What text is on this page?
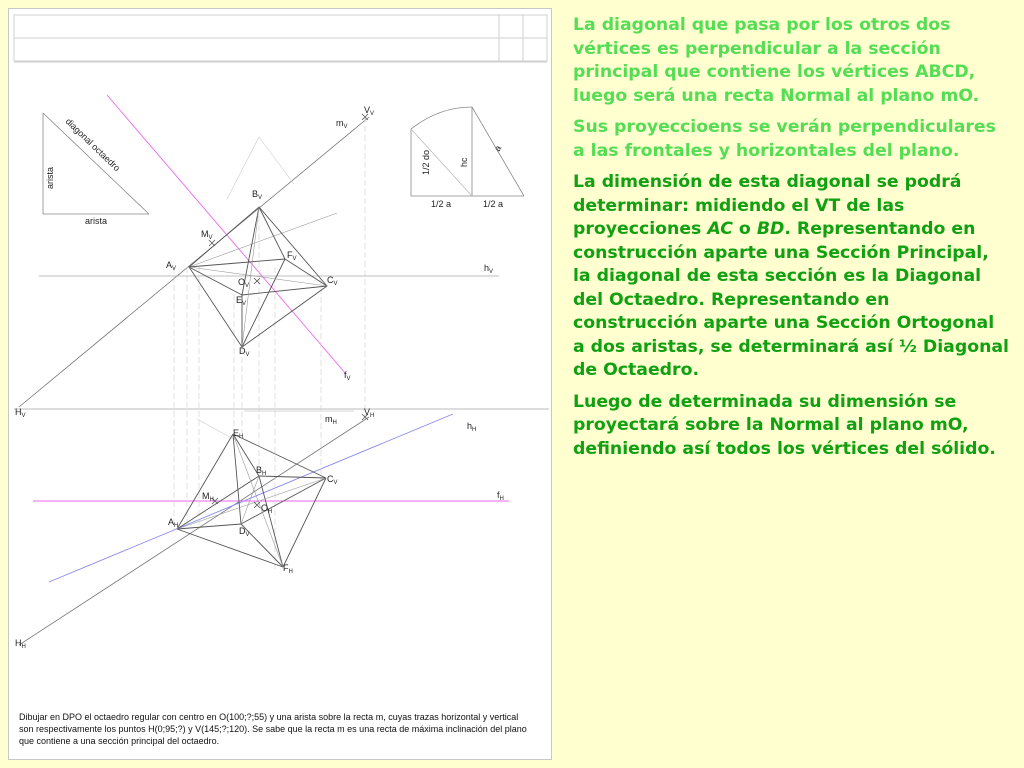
arista
arista
diagonal octaedro	1/2 do	hc
a
1/2 a	1/2 a
$V_V$
$m_V$
$B_V$
$M_V$
$F_V$
$A_V$
$O_V$
$C_V$
$E_V$
$D_V$
$f_V$
$h_V$
$H_V$	$V_H$
$m_H$	$h_H$
$E_H$
$B_H$	$C_V$
$f_H$
$M_H$
$O_H$
$A_H$	$D_V$
$F_H$
$H_H$
Dibujar en DPO el octaedro regular con centro en O(100;?;55) y una arista sobre la recta m, cuyas trazas horizontal y vertical son respectivamente los puntos H(0;95;?) y V(145;?;120). Se sabe que la recta m es una recta de máxima inclinación del plano que contiene a una sección principal del octaedro.

La diagonal que pasa por los otros dos vértices es perpendicular a la sección principal que contiene los vértices ABCD, luego será una recta Normal al plano mO.

Sus proyeccioens se verán perpendiculares a las frontales y horizontales del plano.

La dimensión de esta diagonal se podrá determinar: midiendo el VT de las proyecciones AC o BD. Representando en construcción aparte una Sección Principal, la diagonal de esta sección es la Diagonal del Octaedro. Representando en construcción aparte una Sección Ortogonal a dos aristas, se determinará así ½ Diagonal de Octaedro.

Luego de determinada su dimensión se proyectará sobre la Normal al plano mO, definiendo así todos los vértices del sólido.
